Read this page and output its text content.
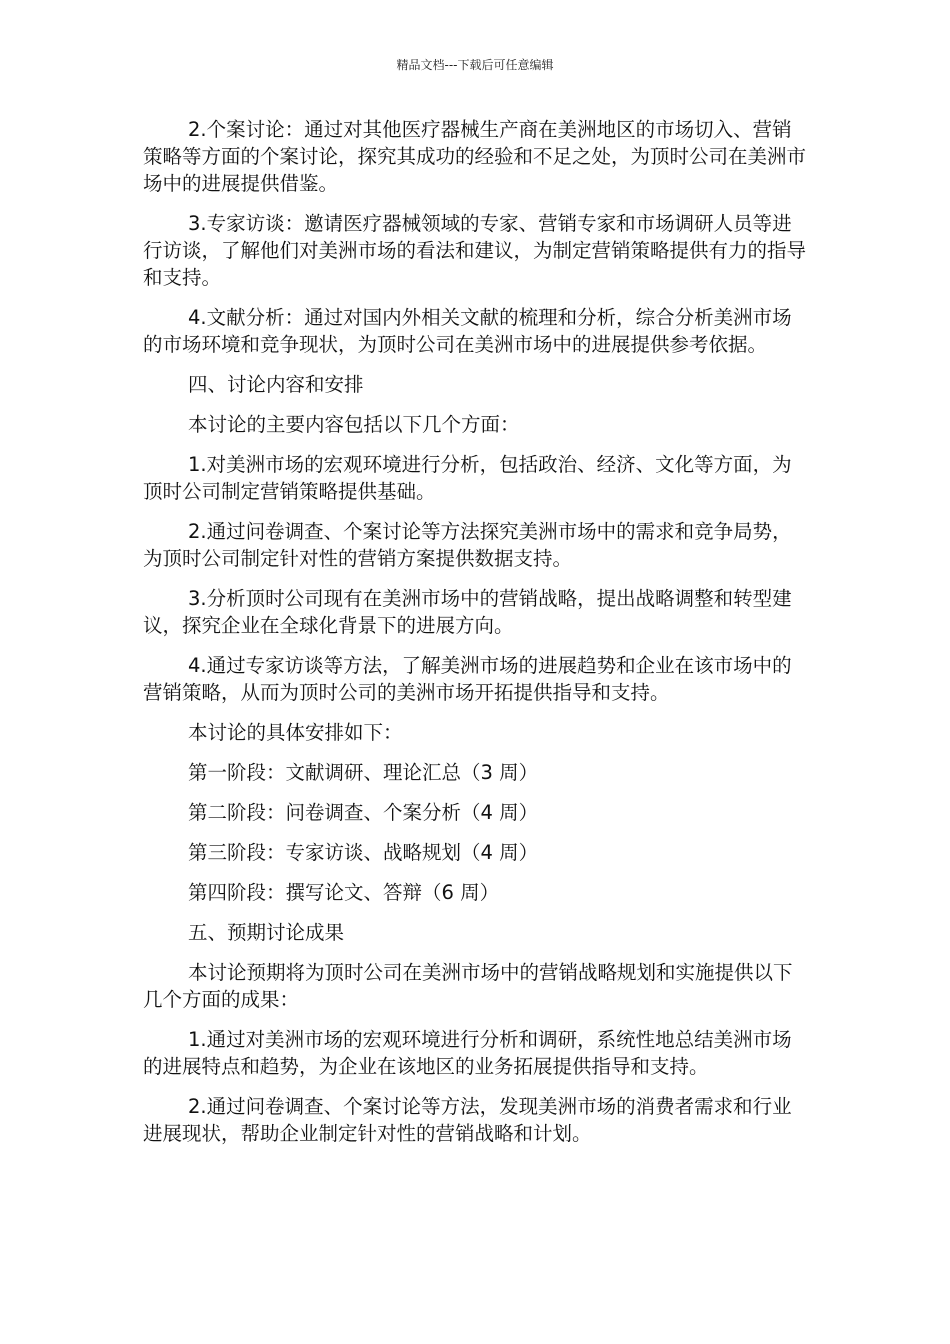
精品文档---下载后可任意编辑

2.个案讨论：通过对其他医疗器械生产商在美洲地区的市场切入、营销策略等方面的个案讨论，探究其成功的经验和不足之处，为顶时公司在美洲市场中的进展提供借鉴。

3.专家访谈：邀请医疗器械领域的专家、营销专家和市场调研人员等进行访谈，了解他们对美洲市场的看法和建议，为制定营销策略提供有力的指导和支持。

4.文献分析：通过对国内外相关文献的梳理和分析，综合分析美洲市场的市场环境和竞争现状，为顶时公司在美洲市场中的进展提供参考依据。

四、讨论内容和安排

本讨论的主要内容包括以下几个方面：

1.对美洲市场的宏观环境进行分析，包括政治、经济、文化等方面，为顶时公司制定营销策略提供基础。

2.通过问卷调查、个案讨论等方法探究美洲市场中的需求和竞争局势，为顶时公司制定针对性的营销方案提供数据支持。

3.分析顶时公司现有在美洲市场中的营销战略，提出战略调整和转型建议，探究企业在全球化背景下的进展方向。

4.通过专家访谈等方法，了解美洲市场的进展趋势和企业在该市场中的营销策略，从而为顶时公司的美洲市场开拓提供指导和支持。

本讨论的具体安排如下：

第一阶段：文献调研、理论汇总（3 周）

第二阶段：问卷调查、个案分析（4 周）

第三阶段：专家访谈、战略规划（4 周）

第四阶段：撰写论文、答辩（6 周）

五、预期讨论成果

本讨论预期将为顶时公司在美洲市场中的营销战略规划和实施提供以下几个方面的成果：

1.通过对美洲市场的宏观环境进行分析和调研，系统性地总结美洲市场的进展特点和趋势，为企业在该地区的业务拓展提供指导和支持。

2.通过问卷调查、个案讨论等方法，发现美洲市场的消费者需求和行业进展现状，帮助企业制定针对性的营销战略和计划。
